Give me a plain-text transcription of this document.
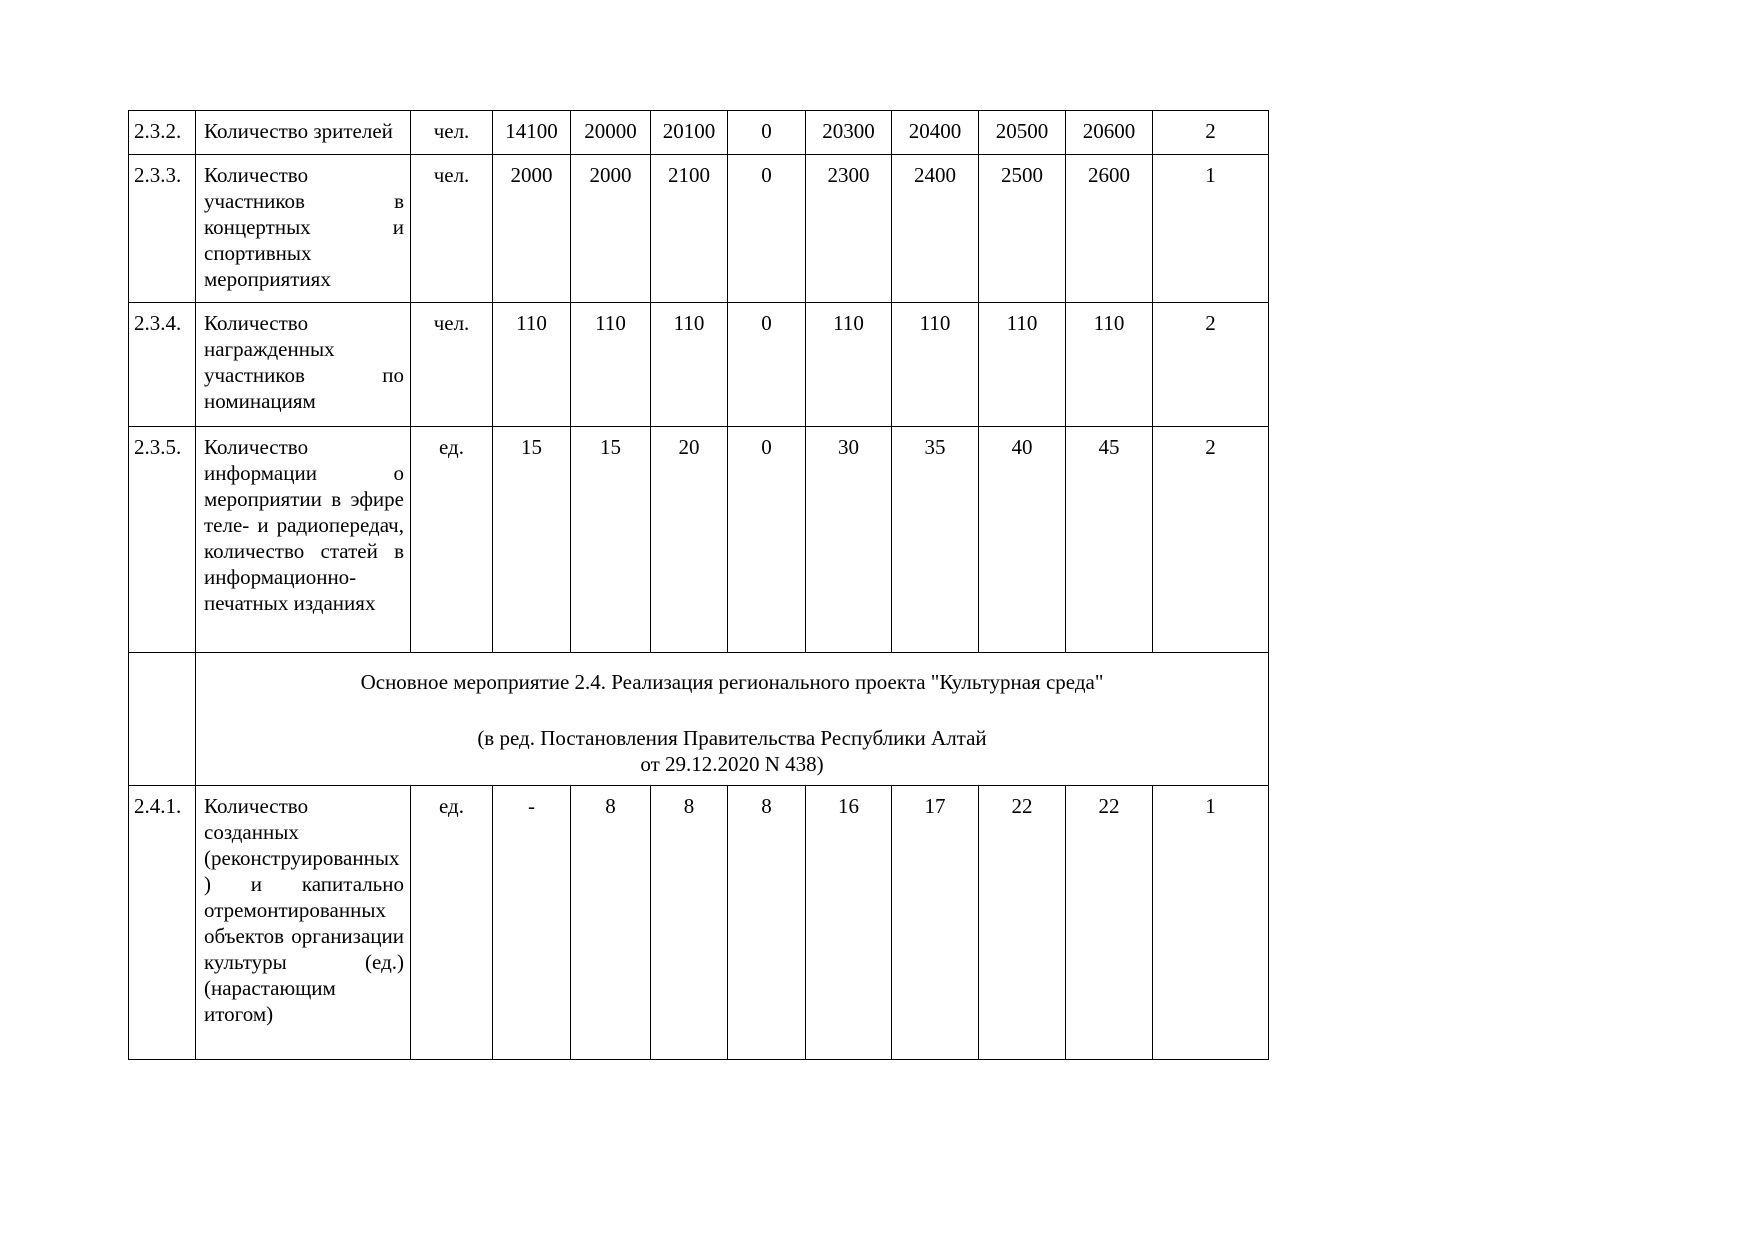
2.3.2.	Количество зрителей	чел.	14100	20000	20100	0	20300	20400	20500	20600	2
2.3.3.	Количество участников в концертных и спортивных мероприятиях	чел.	2000	2000	2100	0	2300	2400	2500	2600	1
2.3.4.	Количество награжденных участников по номинациям	чел.	110	110	110	0	110	110	110	110	2
2.3.5.	Количество информации о мероприятии в эфире теле- и радиопередач, количество статей в информационно-печатных изданиях	ед.	15	15	20	0	30	35	40	45	2

	Основное мероприятие 2.4. Реализация регионального проекта "Культурная среда"

(в ред. Постановления Правительства Республики Алтай

от 29.12.2020 N 438)										

2.4.1.	Количество созданных (реконструированных) и капитально отремонтированных объектов организации культуры (ед.) (нарастающим итогом)	ед.	-	8	8	8	16	17	22	22	1
